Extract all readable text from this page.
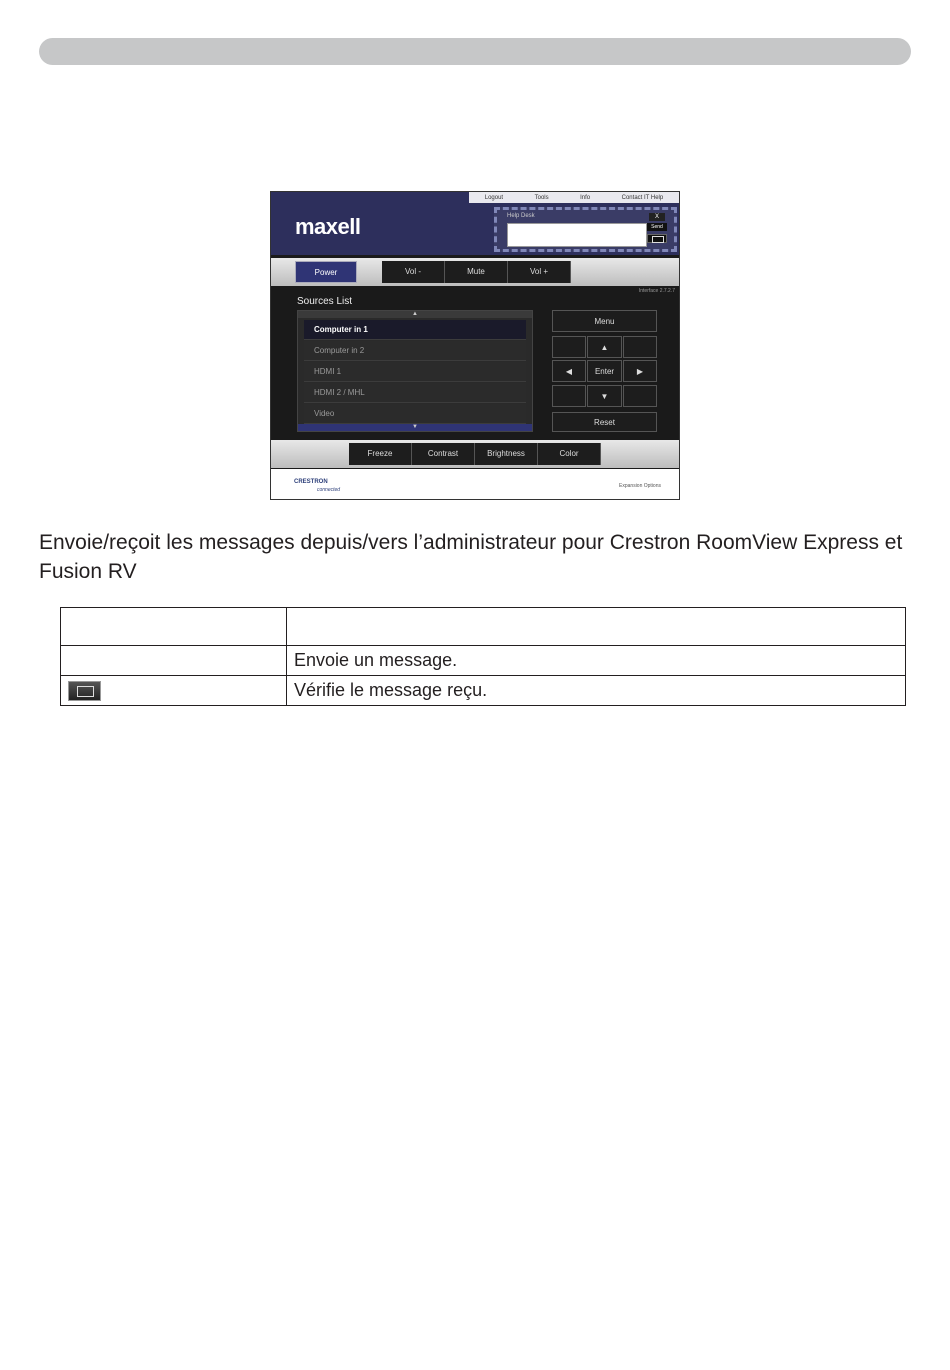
Logout	Tools	Info	Contact IT Help
maxell	Help Desk	X
Send
Power	Vol -	Mute	Vol +
Interface 2.7.2.7
Sources List
▲
Computer in 1
Computer in 2
HDMI 1
HDMI 2 / MHL
Video
▼
Menu
▲
◀	Enter	▶
▼
Reset
Freeze	Contrast	Brightness	Color
CRESTRON
connected
Expansion Options
Envoie/reçoit les messages depuis/vers l’administrateur pour Crestron RoomView Express et Fusion RV

	Envoie un message.
	Vérifie le message reçu.
